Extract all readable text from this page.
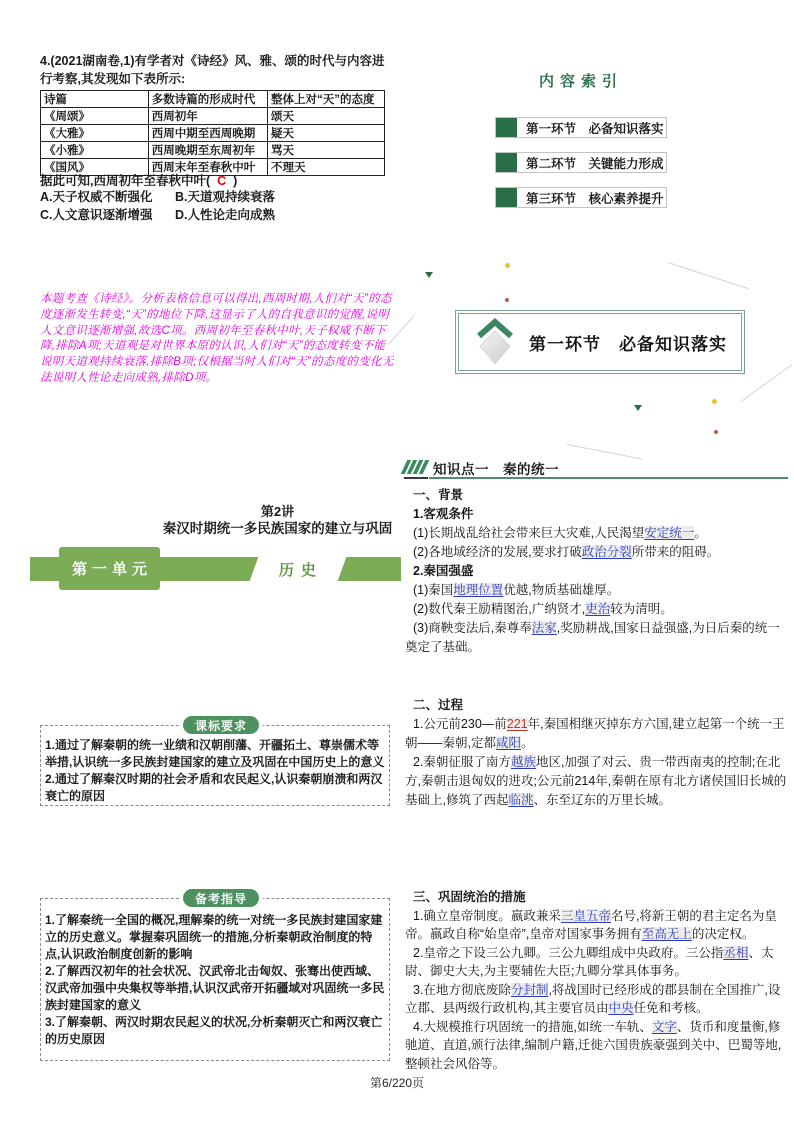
4.(2021湖南卷,1)有学者对《诗经》风、雅、颂的时代与内容进行考察,其发现如下表所示:
诗篇	多数诗篇的形成时代	整体上对“天”的态度
《周颂》	西周初年	颂天
《大雅》	西周中期至西周晚期	疑天
《小雅》	西周晚期至东周初年	骂天
《国风》	西周末年至春秋中叶	不理天
据此可知,西周初年至春秋中叶( C )
A.天子权威不断强化	B.天道观持续衰落
C.人文意识逐渐增强	D.人性论走向成熟
本题考查《诗经》。分析表格信息可以得出,西周时期,人们对“天”的态度逐渐发生转变,“天”的地位下降,这显示了人的自我意识的觉醒,说明人文意识逐渐增强,故选C项。西周初年至春秋中叶,天子权威不断下降,排除A项;天道观是对世界本原的认识,人们对“天”的态度转变不能说明天道观持续衰落,排除B项;仅根据当时人们对“天”的态度的变化无法说明人性论走向成熟,排除D项。
第2讲
秦汉时期统一多民族国家的建立与巩固
第一单元	历史
课标要求
1.通过了解秦朝的统一业绩和汉朝削藩、开疆拓土、尊崇儒术等举措,认识统一多民族封建国家的建立及巩固在中国历史上的意义
2.通过了解秦汉时期的社会矛盾和农民起义,认识秦朝崩溃和两汉衰亡的原因
备考指导
1.了解秦统一全国的概况,理解秦的统一对统一多民族封建国家建立的历史意义。掌握秦巩固统一的措施,分析秦朝政治制度的特点,认识政治制度创新的影响
2.了解西汉初年的社会状况、汉武帝北击匈奴、张骞出使西域、汉武帝加强中央集权等举措,认识汉武帝开拓疆域对巩固统一多民族封建国家的意义
3.了解秦朝、两汉时期农民起义的状况,分析秦朝灭亡和两汉衰亡的历史原因
内容索引
第一环节　必备知识落实
第二环节　关键能力形成
第三环节　核心素养提升
第一环节　必备知识落实
知识点一　秦的统一
一、背景
1.客观条件

(1)长期战乱给社会带来巨大灾难,人民渴望安定统一。

(2)各地域经济的发展,要求打破政治分裂所带来的阻碍。

2.秦国强盛

(1)秦国地理位置优越,物质基础雄厚。

(2)数代秦王励精图治,广纳贤才,吏治较为清明。

(3)商鞅变法后,秦尊奉法家,奖励耕战,国家日益强盛,为日后秦的统一奠定了基础。

二、过程

1.公元前230—前221年,秦国相继灭掉东方六国,建立起第一个统一王朝——秦朝,定都咸阳。

2.秦朝征服了南方越族地区,加强了对云、贵一带西南夷的控制;在北方,秦朝击退匈奴的进攻;公元前214年,秦朝在原有北方诸侯国旧长城的基础上,修筑了西起临洮、东至辽东的万里长城。

三、巩固统治的措施

1.确立皇帝制度。嬴政兼采三皇五帝名号,将新王朝的君主定名为皇帝。嬴政自称“始皇帝”,皇帝对国家事务拥有至高无上的决定权。

2.皇帝之下设三公九卿。三公九卿组成中央政府。三公指丞相、太尉、御史大夫,为主要辅佐大臣;九卿分掌具体事务。

3.在地方彻底废除分封制,将战国时已经形成的郡县制在全国推广,设立郡、县两级行政机构,其主要官员由中央任免和考核。

4.大规模推行巩固统一的措施,如统一车轨、文字、货币和度量衡,修驰道、直道,颁行法律,编制户籍,迁徙六国贵族豪强到关中、巴蜀等地,整顿社会风俗等。

第6/220页
